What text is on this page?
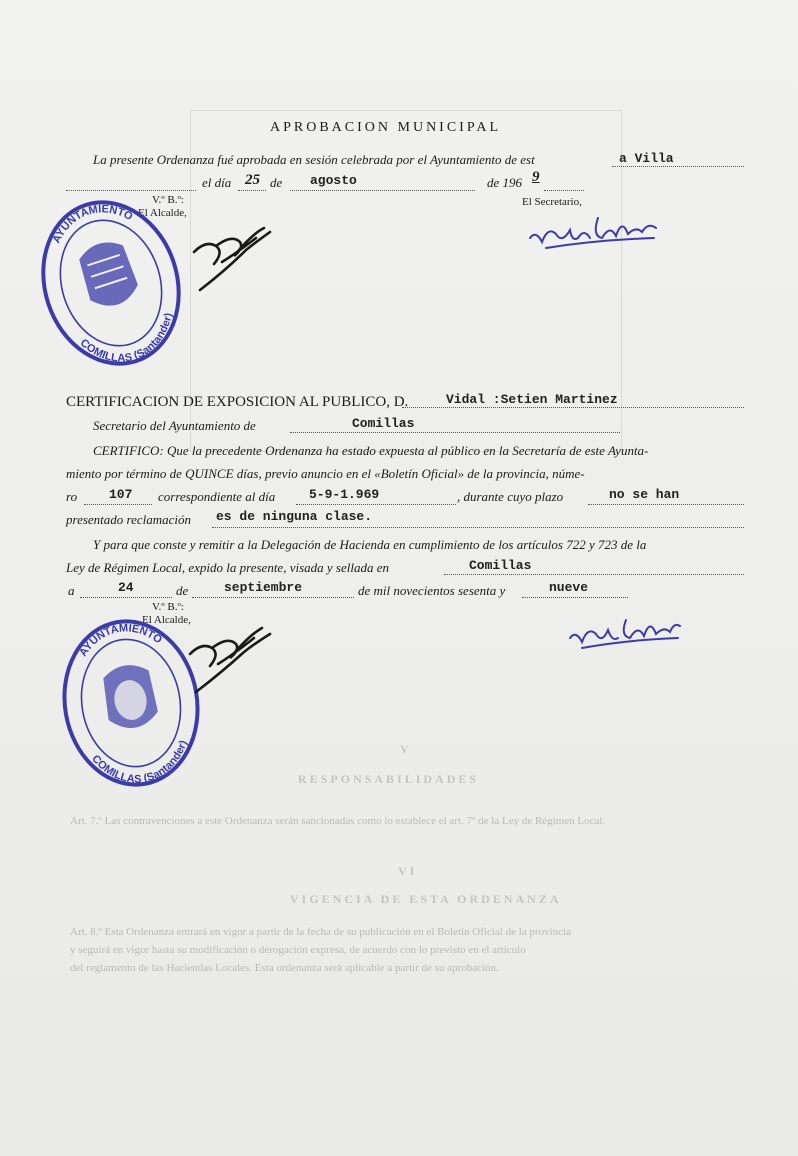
V
RESPONSABILIDADES
Art. 7.º Las contravenciones a este Ordenanza serán sancionadas como lo establece el art. 7º de la Ley de Régimen Local.
VI
VIGENCIA DE ESTA ORDENANZA
Art. 8.º Esta Ordenanza entrará en vigor a partir de la fecha de su publicación en el Boletín Oficial de la provincia
y seguirá en vigor hasta su modificación o derogación expresa, de acuerdo con lo previsto en el artículo
del reglamento de las Haciendas Locales. Esta ordenanza será aplicable a partir de su aprobación.
APROBACION MUNICIPAL
La presente Ordenanza fué aprobada en sesión celebrada por el Ayuntamiento de est	a Villa
el día 25 de agosto	de 196 9
V.º B.º:
El Alcalde,
El Secretario,
AYUNTAMIENTO
COMILLAS (Santander)
CERTIFICACION DE EXPOSICION AL PUBLICO, D.	Vidal :Setien Martinez
Secretario del Ayuntamiento de	Comillas
CERTIFICO: Que la precedente Ordenanza ha estado expuesta al público en la Secretaría de este Ayunta-
miento por término de QUINCE días, previo anuncio en el «Boletín Oficial» de la provincia, núme-
ro 107 correspondiente al día	5-9-1.969	, durante cuyo plazo	no se han
presentado reclamación es de ninguna clase.
Y para que conste y remitir a la Delegación de Hacienda en cumplimiento de los artículos 722 y 723 de la
Ley de Régimen Local, expido la presente, visada y sellada en	Comillas
a	24	de	septiembre	de mil novecientos sesenta y	nueve
V.º B.º:
El Alcalde,
AYUNTAMIENTO
COMILLAS (Santander)
